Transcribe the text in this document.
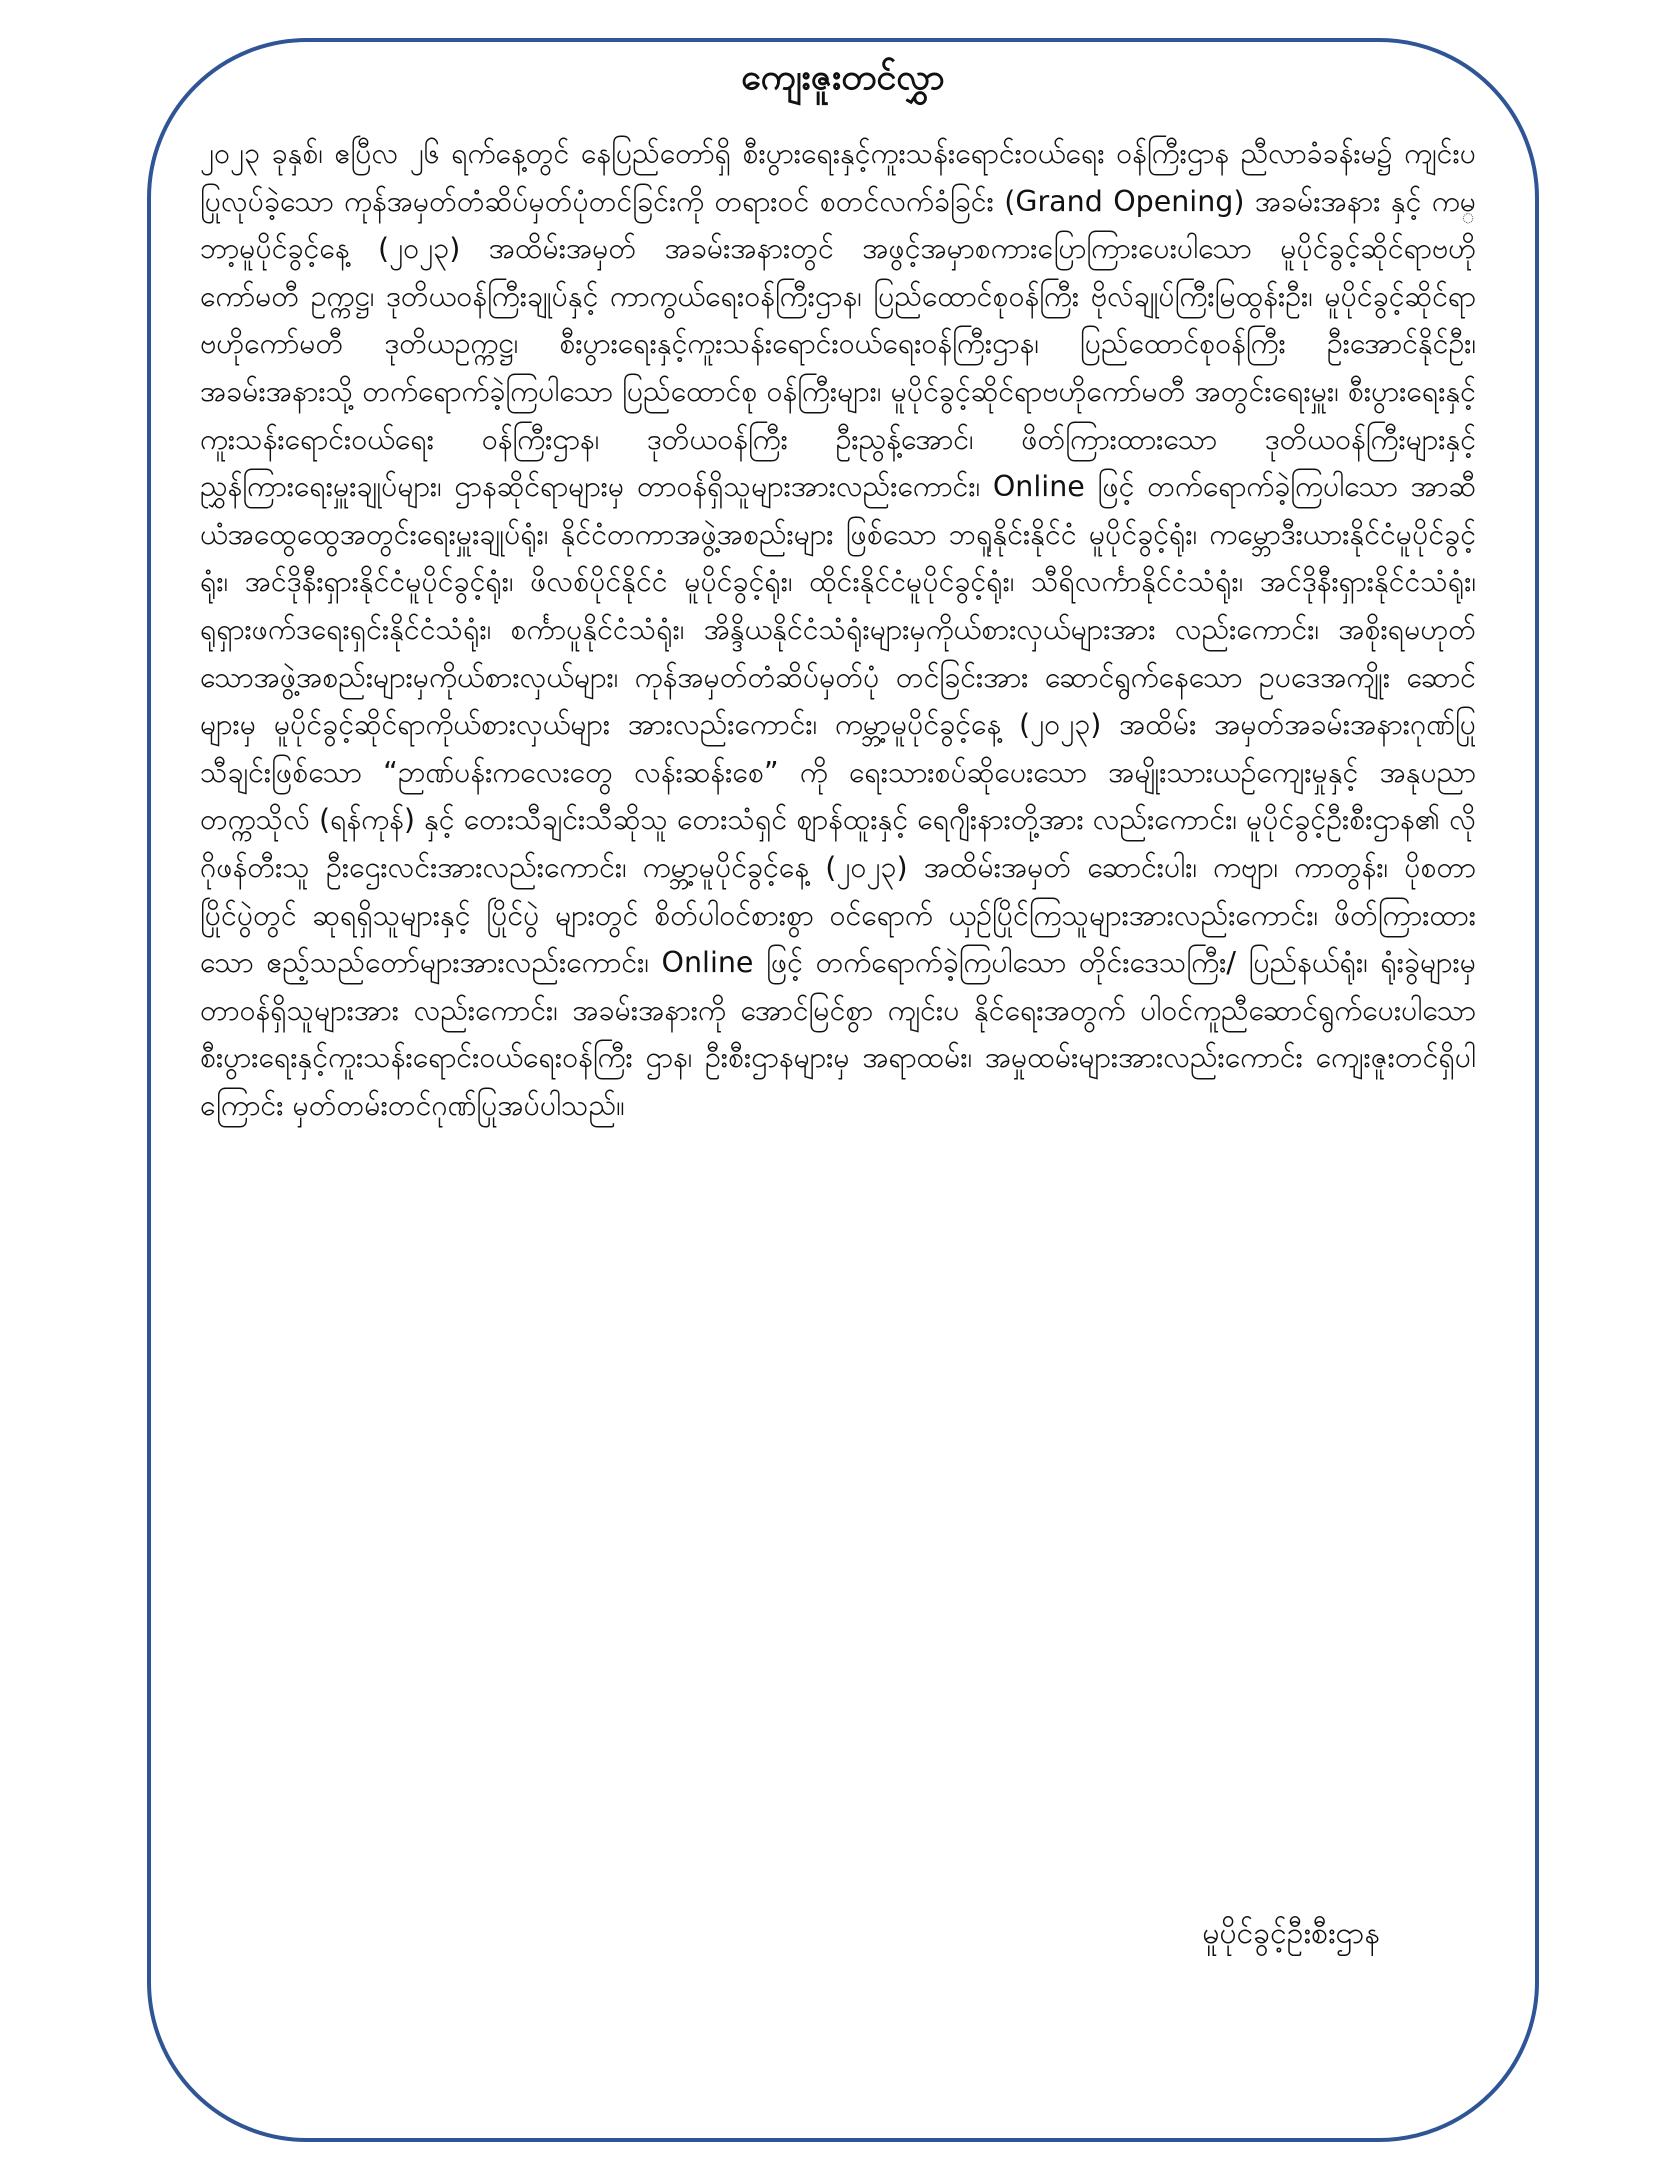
ကျေးဇူးတင်လွှာ

၂၀၂၃ ခုနှစ်၊ ဧပြီလ ၂၆ ရက်နေ့တွင် နေပြည်တော်ရှိ စီးပွားရေးနှင့်ကူးသန်းရောင်းဝယ်ရေး ဝန်ကြီးဌာန ညီလာခံခန်းမ၌ ကျင်းပပြုလုပ်ခဲ့သော ကုန်အမှတ်တံဆိပ်မှတ်ပုံတင်ခြင်းကို တရားဝင် စတင်လက်ခံခြင်း (Grand Opening) အခမ်းအနား နှင့် ကမ္ဘာ့မူပိုင်ခွင့်နေ့ (၂၀၂၃) အထိမ်းအမှတ် အခမ်းအနားတွင် အဖွင့်အမှာစကားပြောကြားပေးပါသော မူပိုင်ခွင့်ဆိုင်ရာဗဟိုကော်မတီ ဥက္ကဋ္ဌ၊ ဒုတိယဝန်ကြီးချုပ်နှင့် ကာကွယ်ရေးဝန်ကြီးဌာန၊ ပြည်ထောင်စုဝန်ကြီး ဗိုလ်ချုပ်ကြီးမြထွန်းဦး၊ မူပိုင်ခွင့်ဆိုင်ရာဗဟိုကော်မတီ ဒုတိယဥက္ကဋ္ဌ၊ စီးပွားရေးနှင့်ကူးသန်းရောင်းဝယ်ရေးဝန်ကြီးဌာန၊ ပြည်ထောင်စုဝန်ကြီး ဦးအောင်နိုင်ဦး၊ အခမ်းအနားသို့ တက်ရောက်ခဲ့ကြပါသော ပြည်ထောင်စု ဝန်ကြီးများ၊ မူပိုင်ခွင့်ဆိုင်ရာဗဟိုကော်မတီ အတွင်းရေးမှူး၊ စီးပွားရေးနှင့် ကူးသန်းရောင်းဝယ်ရေး ဝန်ကြီးဌာန၊ ဒုတိယဝန်ကြီး ဦးညွန့်အောင်၊ ဖိတ်ကြားထားသော ဒုတိယဝန်ကြီးများနှင့် ညွှန်ကြားရေးမှူးချုပ်များ၊ ဌာနဆိုင်ရာများမှ တာဝန်ရှိသူများအားလည်းကောင်း၊ Online ဖြင့် တက်ရောက်ခဲ့ကြပါသော အာဆီယံအထွေထွေအတွင်းရေးမှူးချုပ်ရုံး၊ နိုင်ငံတကာအဖွဲ့အစည်းများ ဖြစ်သော ဘရူနိုင်းနိုင်ငံ မူပိုင်ခွင့်ရုံး၊ ကမ္ဘောဒီးယားနိုင်ငံမူပိုင်ခွင့်ရုံး၊ အင်ဒိုနီးရှားနိုင်ငံမူပိုင်ခွင့်ရုံး၊ ဖိလစ်ပိုင်နိုင်ငံ မူပိုင်ခွင့်ရုံး၊ ထိုင်းနိုင်ငံမူပိုင်ခွင့်ရုံး၊ သီရိလင်္ကာနိုင်ငံသံရုံး၊ အင်ဒိုနီးရှားနိုင်ငံသံရုံး၊ ရုရှားဖက်ဒရေးရှင်းနိုင်ငံသံရုံး၊ စင်္ကာပူနိုင်ငံသံရုံး၊ အိန္ဒိယနိုင်ငံသံရုံးများမှကိုယ်စားလှယ်များအား လည်းကောင်း၊ အစိုးရမဟုတ်သောအဖွဲ့အစည်းများမှကိုယ်စားလှယ်များ၊ ကုန်အမှတ်တံဆိပ်မှတ်ပုံ တင်ခြင်းအား ဆောင်ရွက်နေသော ဥပဒေအကျိုး ဆောင်များမှ မူပိုင်ခွင့်ဆိုင်ရာကိုယ်စားလှယ်များ အားလည်းကောင်း၊ ကမ္ဘာ့မူပိုင်ခွင့်နေ့ (၂၀၂၃) အထိမ်း အမှတ်အခမ်းအနားဂုဏ်ပြုသီချင်းဖြစ်သော “ဉာဏ်ပန်းကလေးတွေ လန်းဆန်းစေ” ကို ရေးသားစပ်ဆိုပေးသော အမျိုးသားယဉ်ကျေးမှုနှင့် အနုပညာတက္ကသိုလ် (ရန်ကုန်) နှင့် တေးသီချင်းသီဆိုသူ တေးသံရှင် ဈာန်ထူးနှင့် ရေဂျီးနားတို့အား လည်းကောင်း၊ မူပိုင်ခွင့်ဦးစီးဌာန၏ လိုဂိုဖန်တီးသူ ဦးဌေးလင်းအားလည်းကောင်း၊ ကမ္ဘာ့မူပိုင်ခွင့်နေ့ (၂၀၂၃) အထိမ်းအမှတ် ဆောင်းပါး၊ ကဗျာ၊ ကာတွန်း၊ ပိုစတာ ပြိုင်ပွဲတွင် ဆုရရှိသူများနှင့် ပြိုင်ပွဲ များတွင် စိတ်ပါဝင်စားစွာ ဝင်ရောက် ယှဉ်ပြိုင်ကြသူများအားလည်းကောင်း၊ ဖိတ်ကြားထားသော ဧည့်သည်တော်များအားလည်းကောင်း၊ Online ဖြင့် တက်ရောက်ခဲ့ကြပါသော တိုင်းဒေသကြီး/ ပြည်နယ်ရုံး၊ ရုံးခွဲများမှ တာဝန်ရှိသူများအား လည်းကောင်း၊ အခမ်းအနားကို အောင်မြင်စွာ ကျင်းပ နိုင်ရေးအတွက် ပါဝင်ကူညီဆောင်ရွက်ပေးပါသော စီးပွားရေးနှင့်ကူးသန်းရောင်းဝယ်ရေးဝန်ကြီး ဌာန၊ ဦးစီးဌာနများမှ အရာထမ်း၊ အမှုထမ်းများအားလည်းကောင်း ကျေးဇူးတင်ရှိပါကြောင်း မှတ်တမ်းတင်ဂုဏ်ပြုအပ်ပါသည်။

မူပိုင်ခွင့်ဦးစီးဌာန
